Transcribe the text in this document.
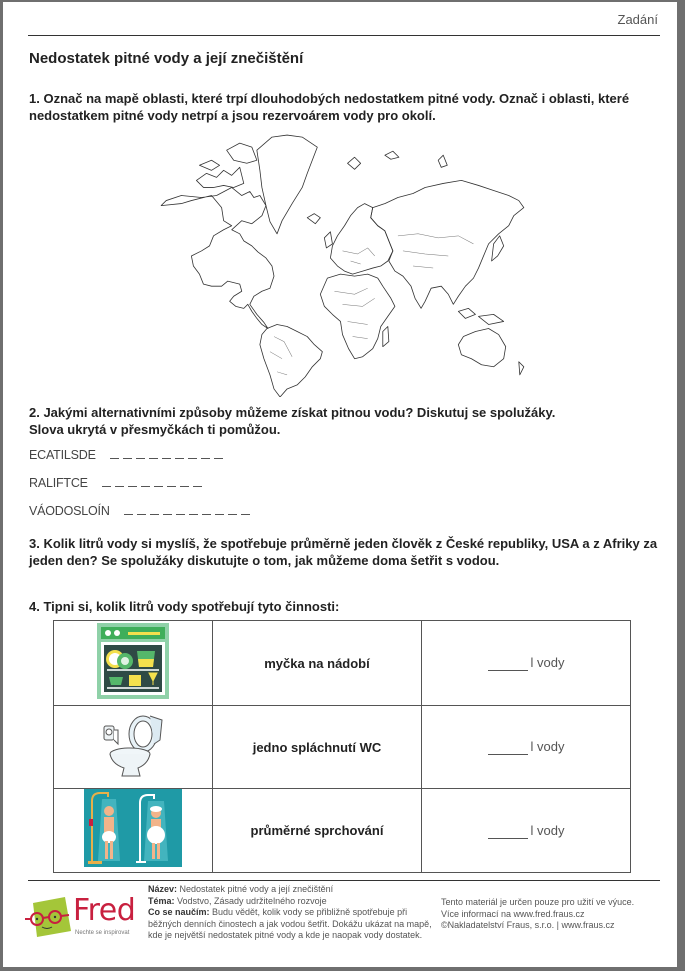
Zadání
Nedostatek pitné vody a její znečištění
1. Označ na mapě oblasti, které trpí dlouhodobých nedostatkem pitné vody. Označ i oblasti, které nedostatkem pitné vody netrpí a jsou rezervoárem vody pro okolí.
2. Jakými alternativními způsoby můžeme získat pitnou vodu? Diskutuj se spolužáky.
Slova ukrytá v přesmyčkách ti pomůžou.
ECATILSDE
RALIFTCE
VÁODOSLOÍN
3. Kolik litrů vody si myslíš, že spotřebuje průměrně jeden člověk z České republiky, USA a z Afriky za jeden den? Se spolužáky diskutujte o tom, jak můžeme doma šetřit s vodou.
4. Tipni si, kolik litrů vody spotřebují tyto činnosti:
	myčka na nádobí	l vody
	jedno spláchnutí WC	l vody
	průměrné sprchování	l vody
Fred
Nechte se inspirovat
Název: Nedostatek pitné vody a její znečištění
Téma: Vodstvo, Zásady udržitelného rozvoje
Co se naučím: Budu vědět, kolik vody se přibližně spotřebuje při běžných denních činostech a jak vodou šetřit. Dokážu ukázat na mapě, kde je největší nedostatek pitné vody a kde je naopak vody dostatek.
Tento materiál je určen pouze pro užití ve výuce.
Více informací na www.fred.fraus.cz
©Nakladatelství Fraus, s.r.o. | www.fraus.cz
